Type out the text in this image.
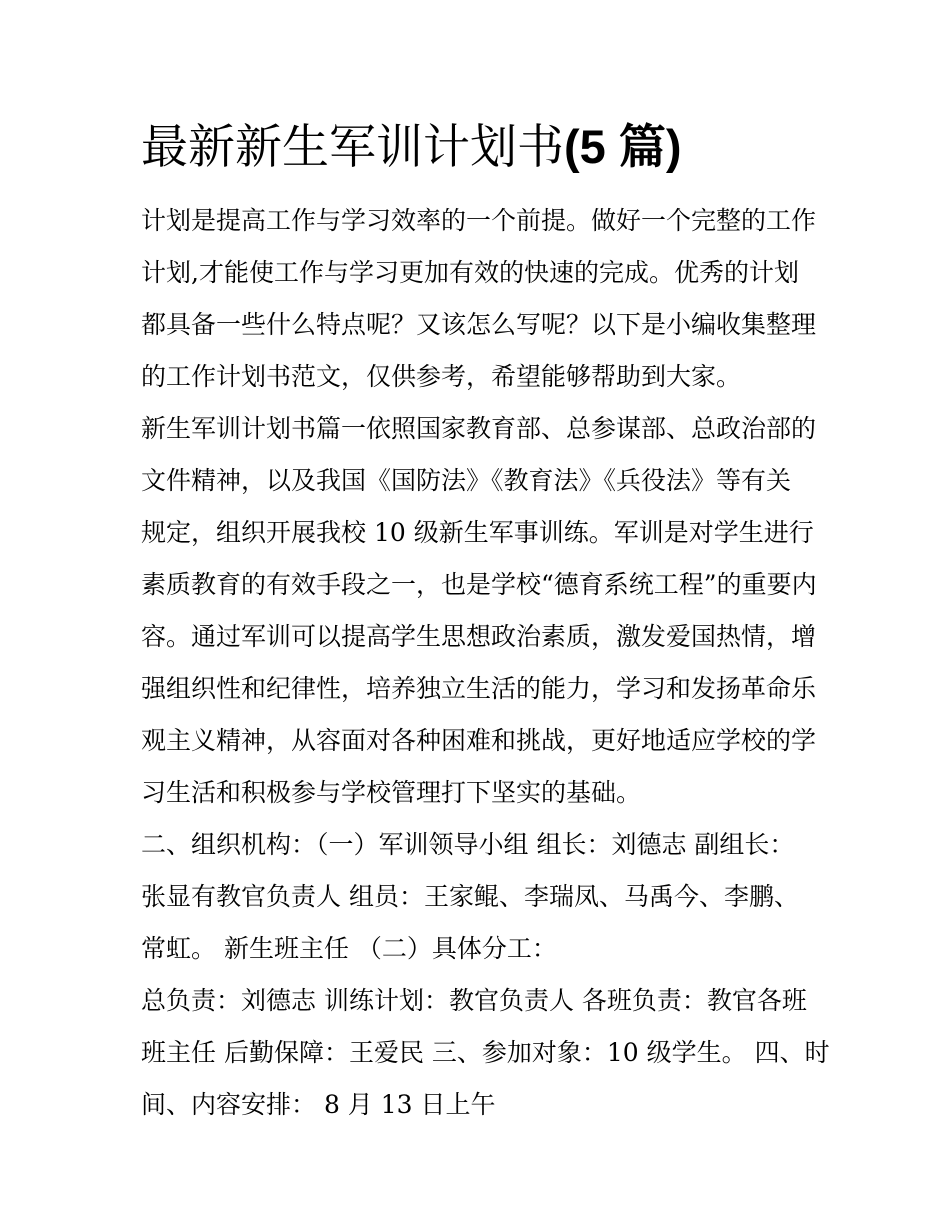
最新新生军训计划书(5 篇)
计划是提高工作与学习效率的一个前提。做好一个完整的工作
计划,才能使工作与学习更加有效的快速的完成。优秀的计划
都具备一些什么特点呢？又该怎么写呢？以下是小编收集整理
的工作计划书范文，仅供参考，希望能够帮助到大家。
新生军训计划书篇一依照国家教育部、总参谋部、总政治部的
文件精神，以及我国《国防法》《教育法》《兵役法》等有关
规定，组织开展我校 10 级新生军事训练。军训是对学生进行
素质教育的有效手段之一，也是学校“德育系统工程”的重要内
容。通过军训可以提高学生思想政治素质，激发爱国热情，增
强组织性和纪律性，培养独立生活的能力，学习和发扬革命乐
观主义精神，从容面对各种困难和挑战，更好地适应学校的学
习生活和积极参与学校管理打下坚实的基础。
二、组织机构：（一）军训领导小组 组长：刘德志 副组长：
张显有教官负责人 组员：王家鲲、李瑞凤、马禹今、李鹏、
常虹。 新生班主任 （二）具体分工：
总负责：刘德志 训练计划：教官负责人 各班负责：教官各班
班主任 后勤保障：王爱民 三、参加对象：10 级学生。 四、时
间、内容安排： 8 月 13 日上午
